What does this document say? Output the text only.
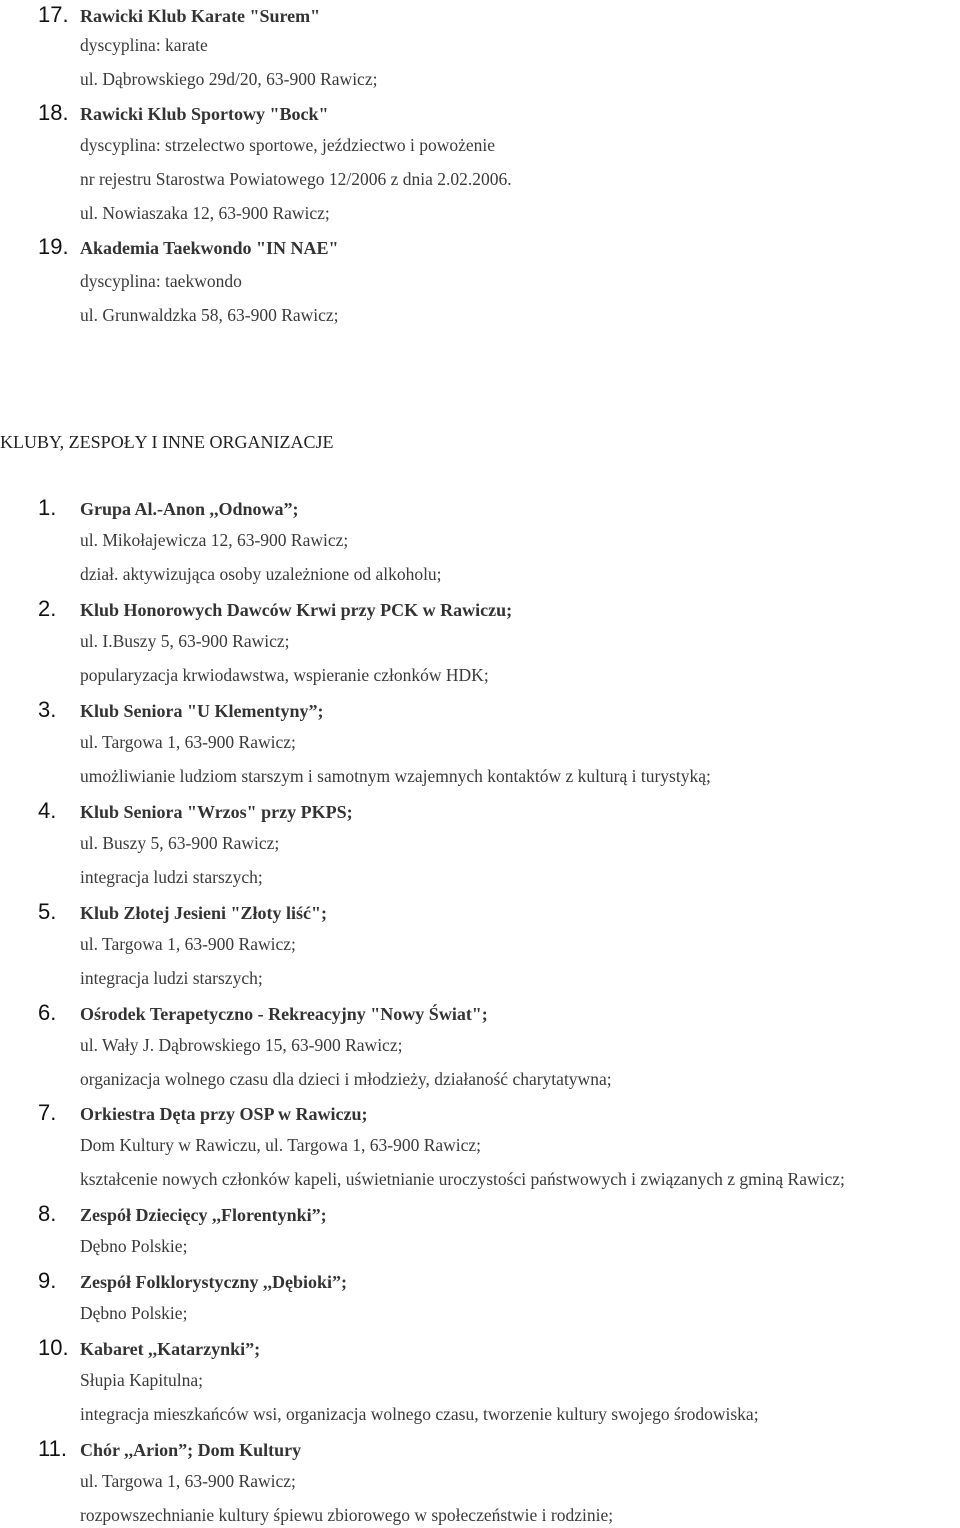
17. Rawicki Klub Karate "Surem"
dyscyplina: karate
ul. Dąbrowskiego 29d/20, 63-900 Rawicz;
18. Rawicki Klub Sportowy "Bock"
dyscyplina: strzelectwo sportowe, jeździectwo i powożenie
nr rejestru Starostwa Powiatowego 12/2006 z dnia 2.02.2006.
ul. Nowiaszaka 12, 63-900 Rawicz;
19. Akademia Taekwondo "IN NAE"
dyscyplina: taekwondo
ul. Grunwaldzka 58, 63-900 Rawicz;
KLUBY, ZESPOŁY I INNE ORGANIZACJE
1. Grupa Al.-Anon ,,Odnowa”;
ul. Mikołajewicza 12, 63-900 Rawicz;
dział. aktywizująca osoby uzależnione od alkoholu;
2. Klub Honorowych Dawców Krwi przy PCK w Rawiczu;
ul. I.Buszy 5, 63-900 Rawicz;
popularyzacja krwiodawstwa, wspieranie członków HDK;
3. Klub Seniora "U Klementyny”;
ul. Targowa 1, 63-900 Rawicz;
umożliwianie ludziom starszym i samotnym wzajemnych kontaktów z kulturą i turystyką;
4. Klub Seniora "Wrzos" przy PKPS;
ul. Buszy 5, 63-900 Rawicz;
integracja ludzi starszych;
5. Klub Złotej Jesieni "Złoty liść";
ul. Targowa 1, 63-900 Rawicz;
integracja ludzi starszych;
6. Ośrodek Terapetyczno - Rekreacyjny "Nowy Świat";
ul. Wały J. Dąbrowskiego 15, 63-900 Rawicz;
organizacja wolnego czasu dla dzieci i młodzieży, działaność charytatywna;
7. Orkiestra Dęta przy OSP w Rawiczu;
Dom Kultury w Rawiczu, ul. Targowa 1, 63-900 Rawicz;
kształcenie nowych członków kapeli, uświetnianie uroczystości państwowych i związanych z gminą Rawicz;
8. Zespół Dziecięcy ,,Florentynki”;
Dębno Polskie;
9. Zespół Folklorystyczny ,,Dębioki”;
Dębno Polskie;
10. Kabaret ,,Katarzynki”;
Słupia Kapitulna;
integracja mieszkańców wsi, organizacja wolnego czasu, tworzenie kultury swojego środowiska;
11. Chór ,,Arion”; Dom Kultury
ul. Targowa 1, 63-900 Rawicz;
rozpowszechnianie kultury śpiewu zbiorowego w społeczeństwie i rodzinie;
